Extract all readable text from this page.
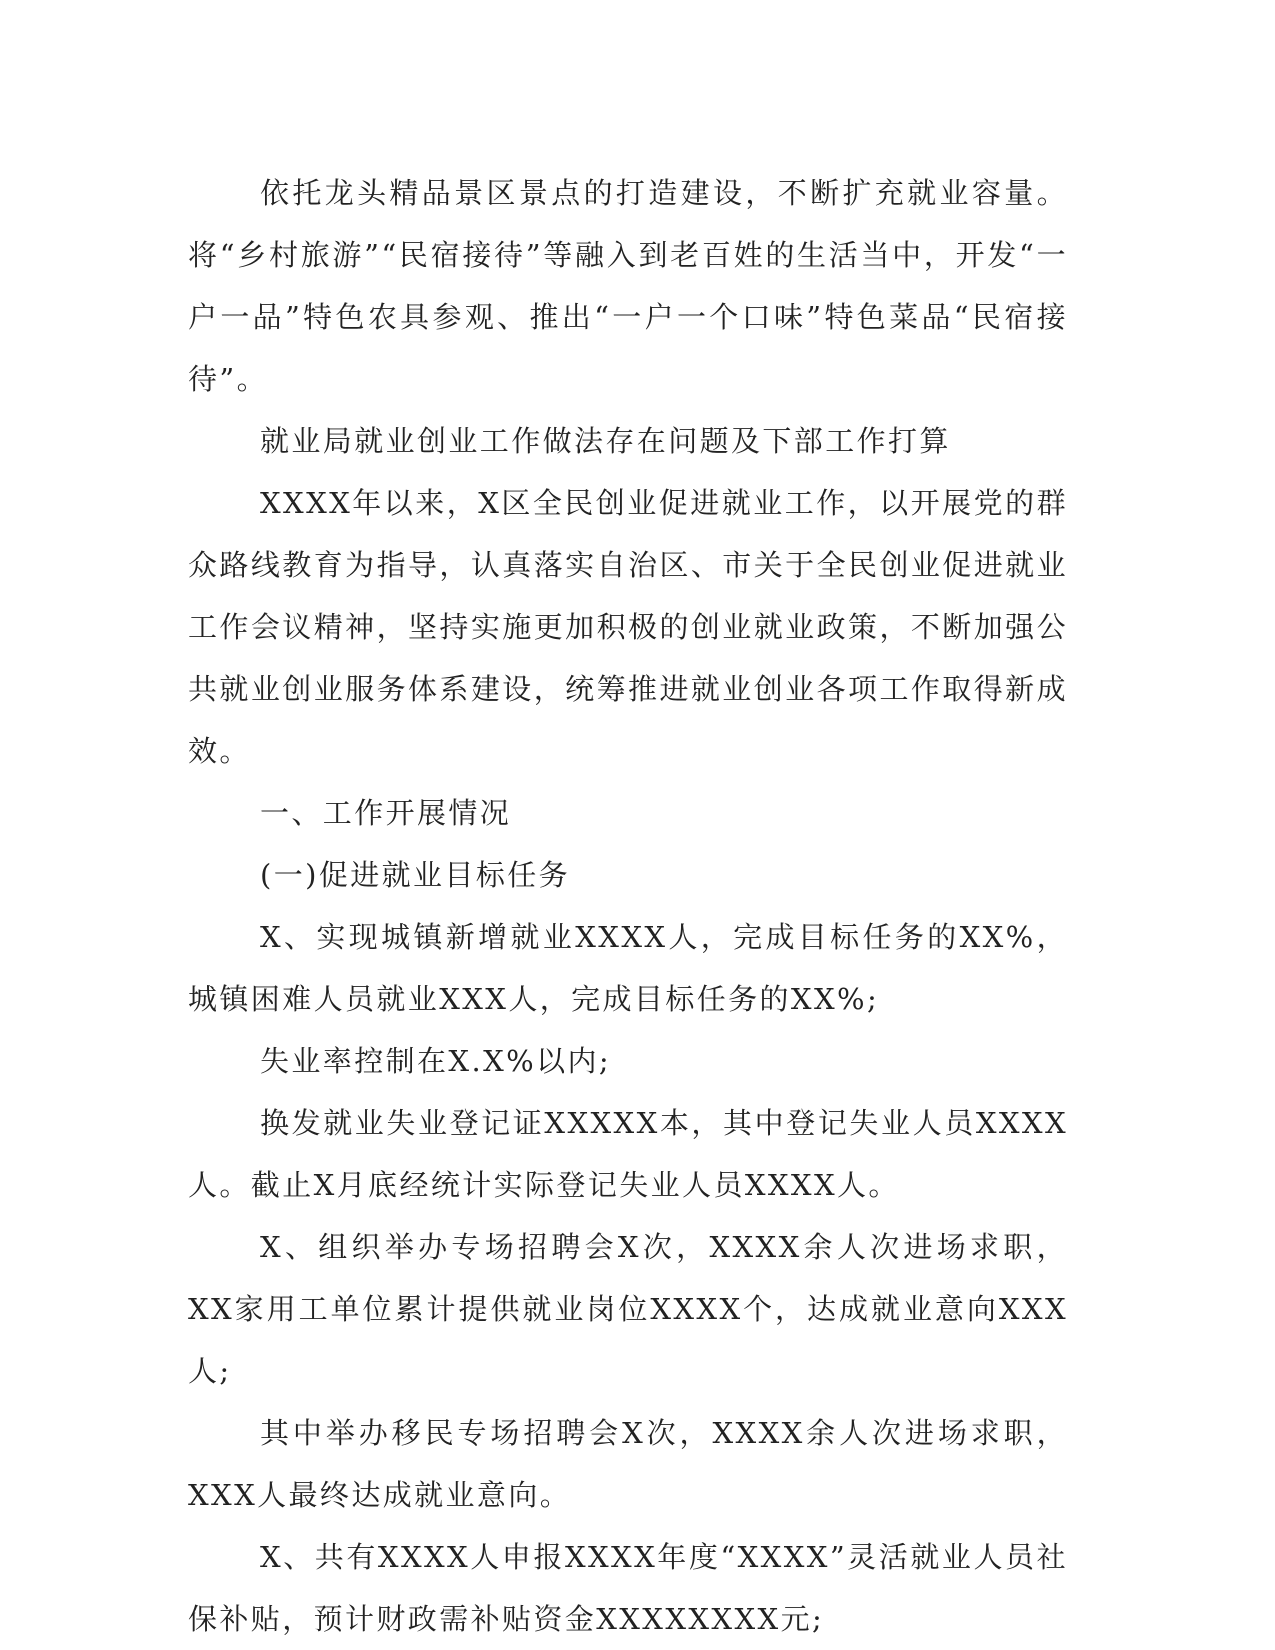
依托龙头精品景区景点的打造建设，不断扩充就业容量。将“乡村旅游”“民宿接待”等融入到老百姓的生活当中，开发“一户一品”特色农具参观、推出“一户一个口味”特色菜品“民宿接待”。

就业局就业创业工作做法存在问题及下部工作打算

XXXX年以来，X区全民创业促进就业工作，以开展党的群众路线教育为指导，认真落实自治区、市关于全民创业促进就业工作会议精神，坚持实施更加积极的创业就业政策，不断加强公共就业创业服务体系建设，统筹推进就业创业各项工作取得新成效。

一、工作开展情况

(一)促进就业目标任务

X、实现城镇新增就业XXXX人，完成目标任务的XX%，城镇困难人员就业XXX人，完成目标任务的XX%;

失业率控制在X.X%以内;

换发就业失业登记证XXXXX本，其中登记失业人员XXXX人。截止X月底经统计实际登记失业人员XXXX人。

X、组织举办专场招聘会X次，XXXX余人次进场求职，XX家用工单位累计提供就业岗位XXXX个，达成就业意向XXX人;

其中举办移民专场招聘会X次，XXXX余人次进场求职，XXX人最终达成就业意向。

X、共有XXXX人申报XXXX年度“XXXX”灵活就业人员社保补贴，预计财政需补贴资金XXXXXXXX元;
